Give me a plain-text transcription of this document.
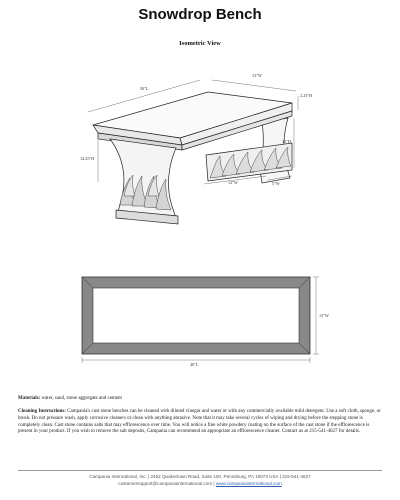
Snowdrop Bench
Isometric View
50"L
13"W
2.25"H
14.25"H
12"H
12"W	5"W
40"L
13"W
Materials: water, sand, stone aggregate and cement
Cleaning Instructions: Campania's cast stone benches can be cleaned with diluted vinegar and water or with any commercially available mild detergent. Use a soft cloth, sponge, or brush. Do not pressure wash, apply corrosive cleaners or clean with anything abrasive. Note that it may take several cycles of wiping and drying before the stepping stone is completely clean. Cast stone contains salts that may efflorescence over time. You will notice a fine white powdery coating on the surface of the cast stone if the efflorescence is present in your product. If you wish to remove the salt deposits, Campania can recommend an appropriate an efflorescence cleaner. Contact us at 215-541-4627 for details.
Campania International, Inc. | 2452 Quakertown Road, Suite 100, Pennsburg, PA 18073 USA | 215-541-4627
customersupport@campaniainternational.com | www.campaniainternational.com
